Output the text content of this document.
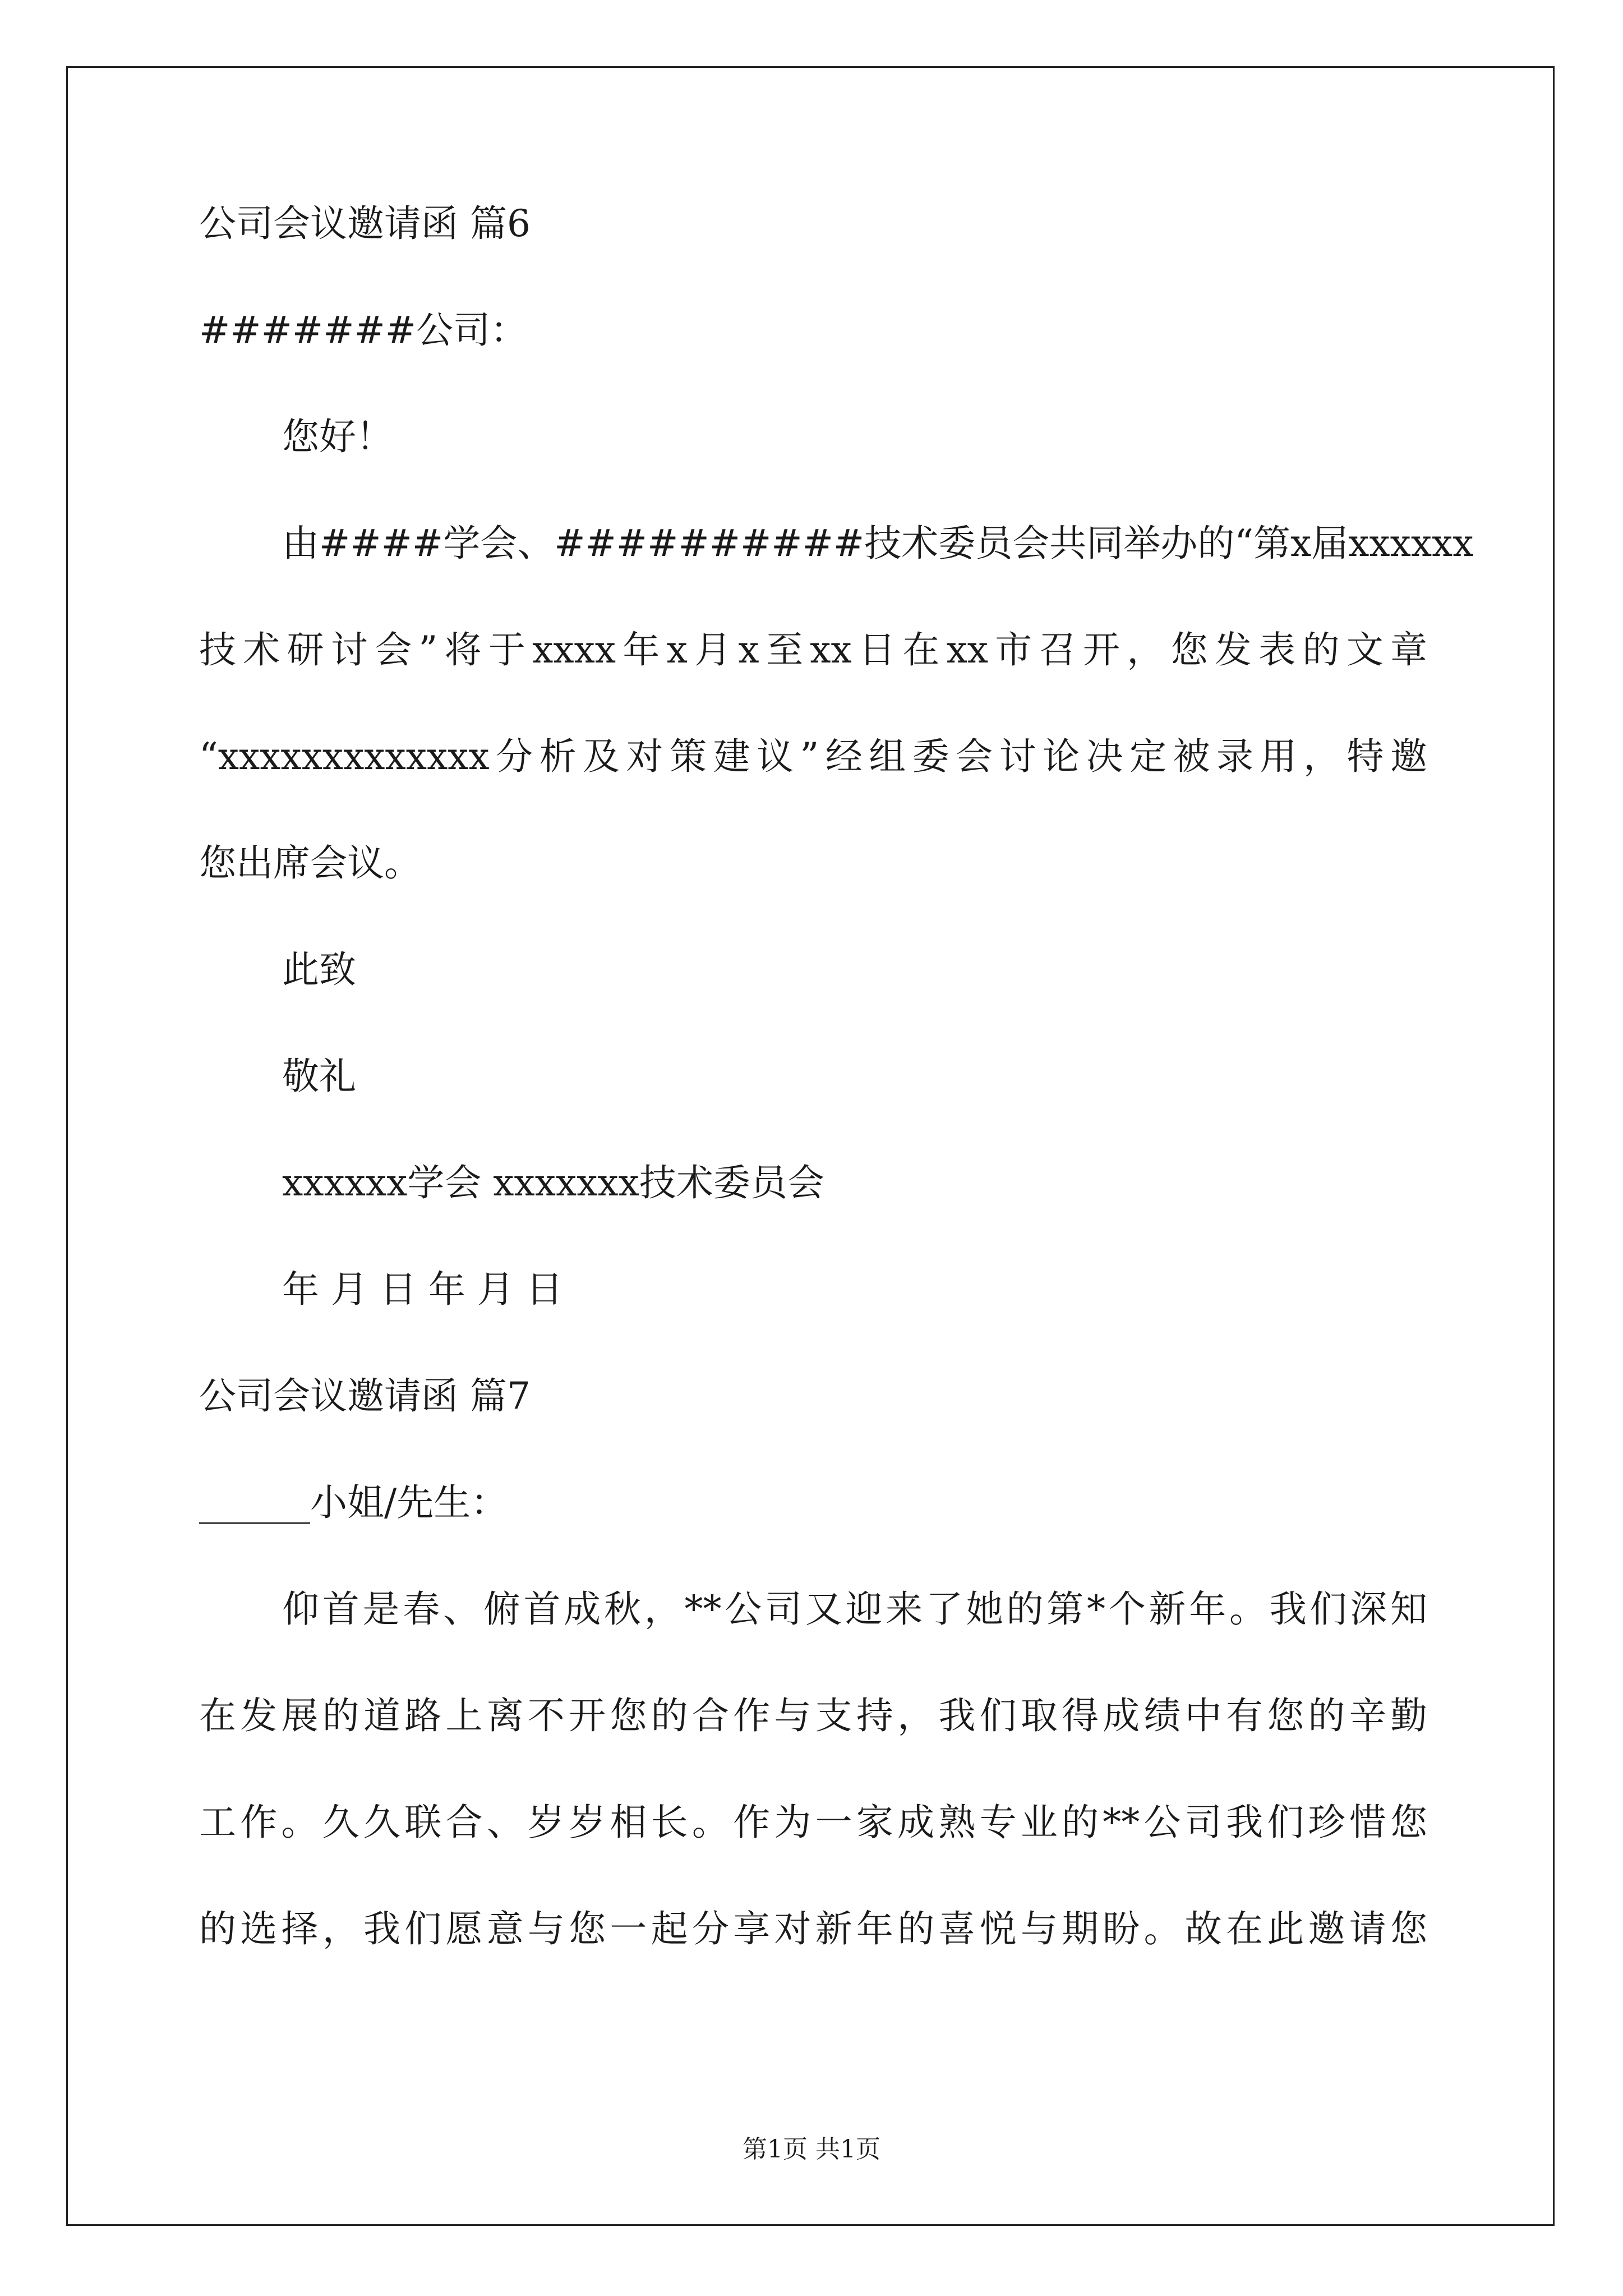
公司会议邀请函 篇6
#######公司：
您好！
由####学会、##########技术委员会共同举办的“第x届xxxxxx
技术研讨会”将于xxxx年x月x至xx日在xx市召开，您发表的文章
“xxxxxxxxxxxxx分析及对策建议”经组委会讨论决定被录用，特邀
您出席会议。
此致
敬礼
xxxxxx学会 xxxxxxx技术委员会
年 月 日 年 月 日
公司会议邀请函 篇7
______小姐/先生：
仰首是春、俯首成秋，**公司又迎来了她的第*个新年。我们深知
在发展的道路上离不开您的合作与支持，我们取得成绩中有您的辛勤
工作。久久联合、岁岁相长。作为一家成熟专业的**公司我们珍惜您
的选择，我们愿意与您一起分享对新年的喜悦与期盼。故在此邀请您
第1页 共1页
